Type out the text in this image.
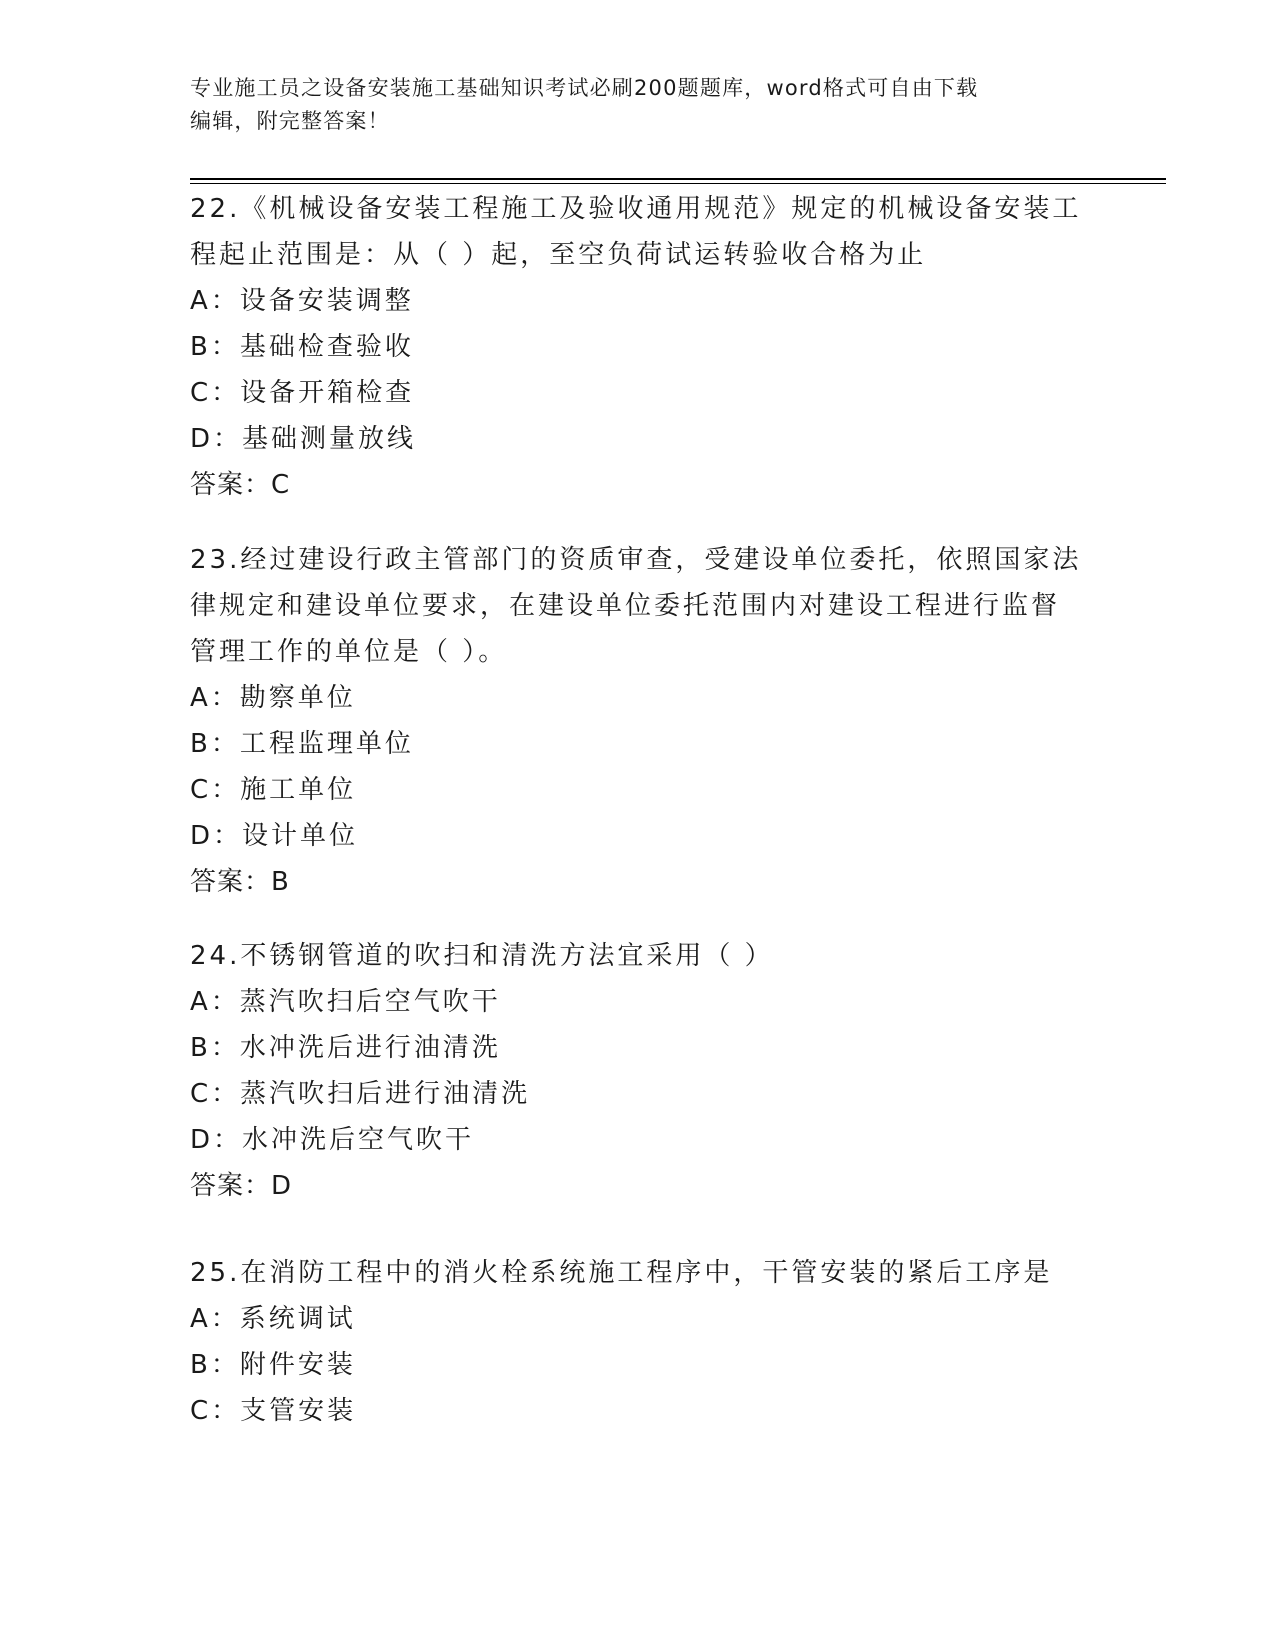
专业施工员之设备安装施工基础知识考试必刷200题题库，word格式可自由下载
编辑，附完整答案！
22.《机械设备安装工程施工及验收通用规范》规定的机械设备安装工
程起止范围是：从（ ）起，至空负荷试运转验收合格为止
A：设备安装调整
B：基础检查验收
C：设备开箱检查
D：基础测量放线
答案：C
23.经过建设行政主管部门的资质审查，受建设单位委托，依照国家法
律规定和建设单位要求，在建设单位委托范围内对建设工程进行监督
管理工作的单位是（ ）。
A：勘察单位
B：工程监理单位
C：施工单位
D：设计单位
答案：B
24.不锈钢管道的吹扫和清洗方法宜采用（ ）
A：蒸汽吹扫后空气吹干
B：水冲洗后进行油清洗
C：蒸汽吹扫后进行油清洗
D：水冲洗后空气吹干
答案：D
25.在消防工程中的消火栓系统施工程序中，干管安装的紧后工序是
A：系统调试
B：附件安装
C：支管安装
